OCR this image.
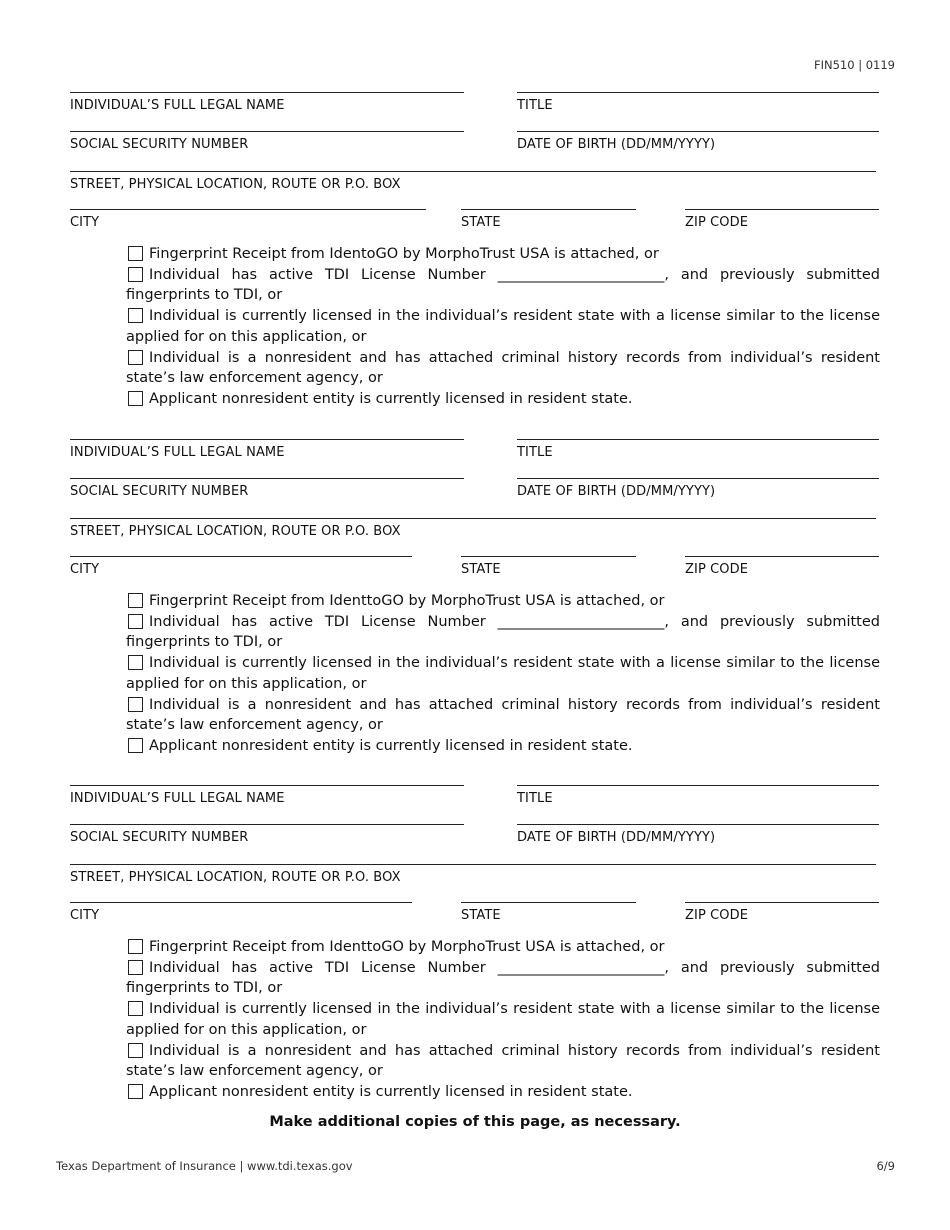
FIN510 | 0119
INDIVIDUAL’S FULL LEGAL NAME	TITLE
SOCIAL SECURITY NUMBER	DATE OF BIRTH (DD/MM/YYYY)
STREET, PHYSICAL LOCATION, ROUTE OR P.O. BOX
CITY	STATE	ZIP CODE

Fingerprint Receipt from IdentoGO by MorphoTrust USA is attached, or

Individual has active TDI License Number _______________________, and previously submitted fingerprints to TDI, or

Individual is currently licensed in the individual’s resident state with a license similar to the license applied for on this application, or

Individual is a nonresident and has attached criminal history records from individual’s resident state’s law enforcement agency, or

Applicant nonresident entity is currently licensed in resident state.

INDIVIDUAL’S FULL LEGAL NAME	TITLE
SOCIAL SECURITY NUMBER	DATE OF BIRTH (DD/MM/YYYY)
STREET, PHYSICAL LOCATION, ROUTE OR P.O. BOX
CITY	STATE	ZIP CODE

Fingerprint Receipt from IdenttoGO by MorphoTrust USA is attached, or

Individual has active TDI License Number _______________________, and previously submitted fingerprints to TDI, or

Individual is currently licensed in the individual’s resident state with a license similar to the license applied for on this application, or

Individual is a nonresident and has attached criminal history records from individual’s resident state’s law enforcement agency, or

Applicant nonresident entity is currently licensed in resident state.

INDIVIDUAL’S FULL LEGAL NAME	TITLE
SOCIAL SECURITY NUMBER	DATE OF BIRTH (DD/MM/YYYY)
STREET, PHYSICAL LOCATION, ROUTE OR P.O. BOX
CITY	STATE	ZIP CODE

Fingerprint Receipt from IdenttoGO by MorphoTrust USA is attached, or

Individual has active TDI License Number _______________________, and previously submitted fingerprints to TDI, or

Individual is currently licensed in the individual’s resident state with a license similar to the license applied for on this application, or

Individual is a nonresident and has attached criminal history records from individual’s resident state’s law enforcement agency, or

Applicant nonresident entity is currently licensed in resident state.

Make additional copies of this page, as necessary.
Texas Department of Insurance | www.tdi.texas.gov	6/9
